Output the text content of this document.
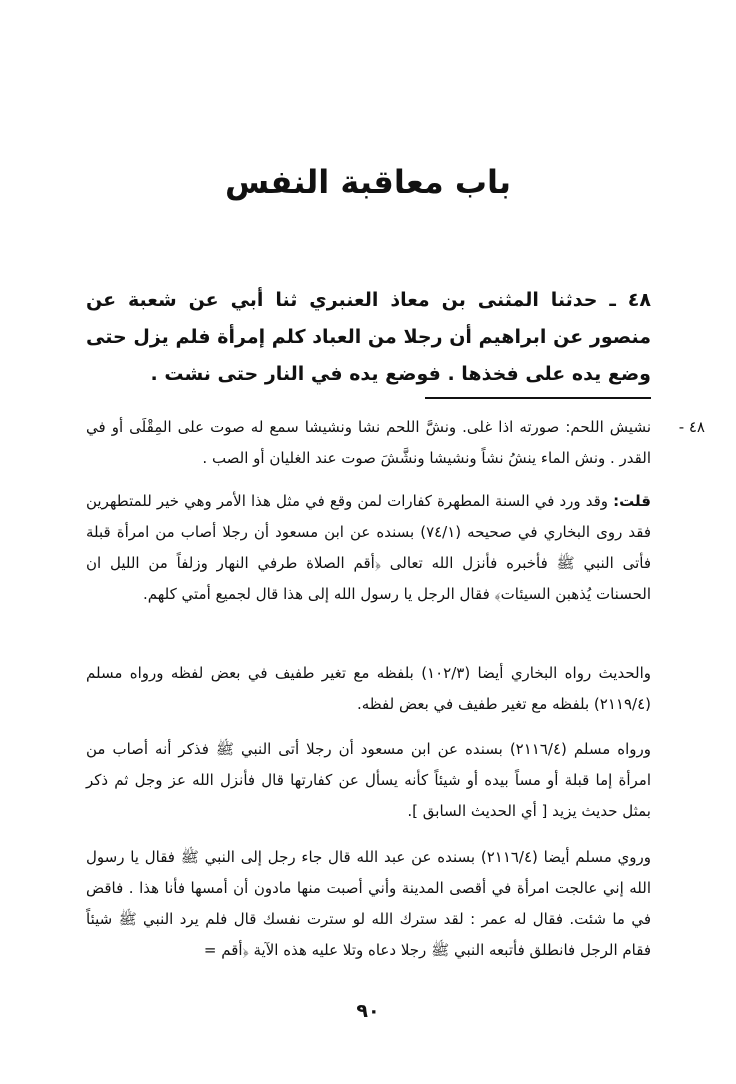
باب معاقبة النفس
٤٨ ـ حدثنا المثنى بن معاذ العنبري ثنا أبي عن شعبة عن منصور عن ابراهيم أن رجلا من العباد كلم إمرأة فلم يزل حتى وضع يده على فخذها . فوضع يده في النار حتى نشت .
٤٨ -
نشيش اللحم: صورته اذا غلى. ونشَّ اللحم نشا ونشيشا سمع له صوت على المِقْلَى أو في القدر . ونش الماء ينشُ نشاً ونشيشا ونشَّشَ صوت عند الغليان أو الصب .
قلت: وقد ورد في السنة المطهرة كفارات لمن وقع في مثل هذا الأمر وهي خير للمتطهرين فقد روى البخاري في صحيحه (٧٤/١) بسنده عن ابن مسعود أن رجلا أصاب من امرأة قبلة فأتى النبي ﷺ فأخبره فأنزل الله تعالى ﴿أقم الصلاة طرفي النهار وزلفاً من الليل ان الحسنات يُذهبن السيئات﴾ فقال الرجل يا رسول الله إلى هذا قال لجميع أمتي كلهم.
والحديث رواه البخاري أيضا (١٠٢/٣) بلفظه مع تغير طفيف في بعض لفظه ورواه مسلم (٢١١٩/٤) بلفظه مع تغير طفيف في بعض لفظه.
ورواه مسلم (٢١١٦/٤) بسنده عن ابن مسعود أن رجلا أتى النبي ﷺ فذكر أنه أصاب من امرأة إما قبلة أو مساً بيده أو شيئاً كأنه يسأل عن كفارتها قال فأنزل الله عز وجل ثم ذكر بمثل حديث يزيد [ أي الحديث السابق ].
وروي مسلم أيضا (٢١١٦/٤) بسنده عن عبد الله قال جاء رجل إلى النبي ﷺ فقال يا رسول الله إني عالجت امرأة في أقصى المدينة وأني أصبت منها مادون أن أمسها فأنا هذا . فاقض في ما شئت. فقال له عمر : لقد سترك الله لو سترت نفسك قال فلم يرد النبي ﷺ شيئاً فقام الرجل فانطلق فأتبعه النبي ﷺ رجلا دعاه وتلا عليه هذه الآية ﴿أقم =
٩٠
